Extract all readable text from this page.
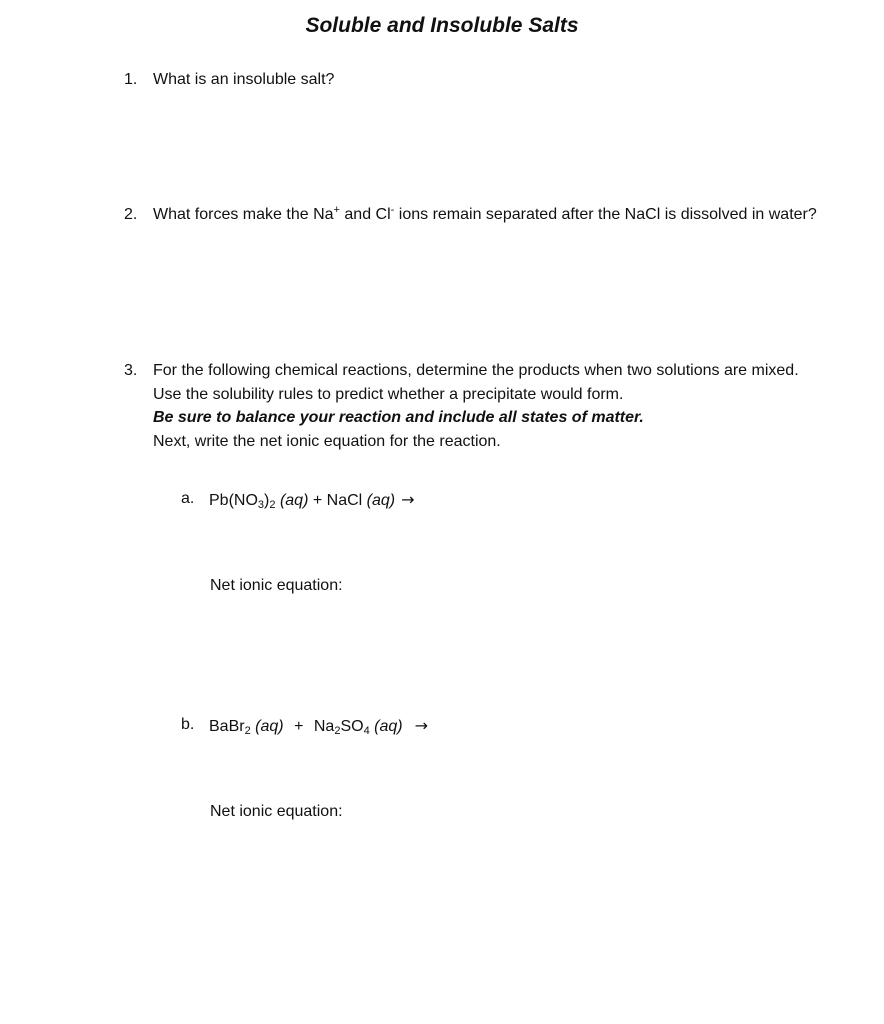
Soluble and Insoluble Salts
1. What is an insoluble salt?
2. What forces make the Na+ and Cl- ions remain separated after the NaCl is dissolved in water?
3. For the following chemical reactions, determine the products when two solutions are mixed. Use the solubility rules to predict whether a precipitate would form.
Be sure to balance your reaction and include all states of matter.
Next, write the net ionic equation for the reaction.
a. $Pb(NO_3)_2$ (aq) + NaCl (aq) →
Net ionic equation:
b. BaBr$_2$ $(aq) + Na_2SO_4$ (aq) →
Net ionic equation:
